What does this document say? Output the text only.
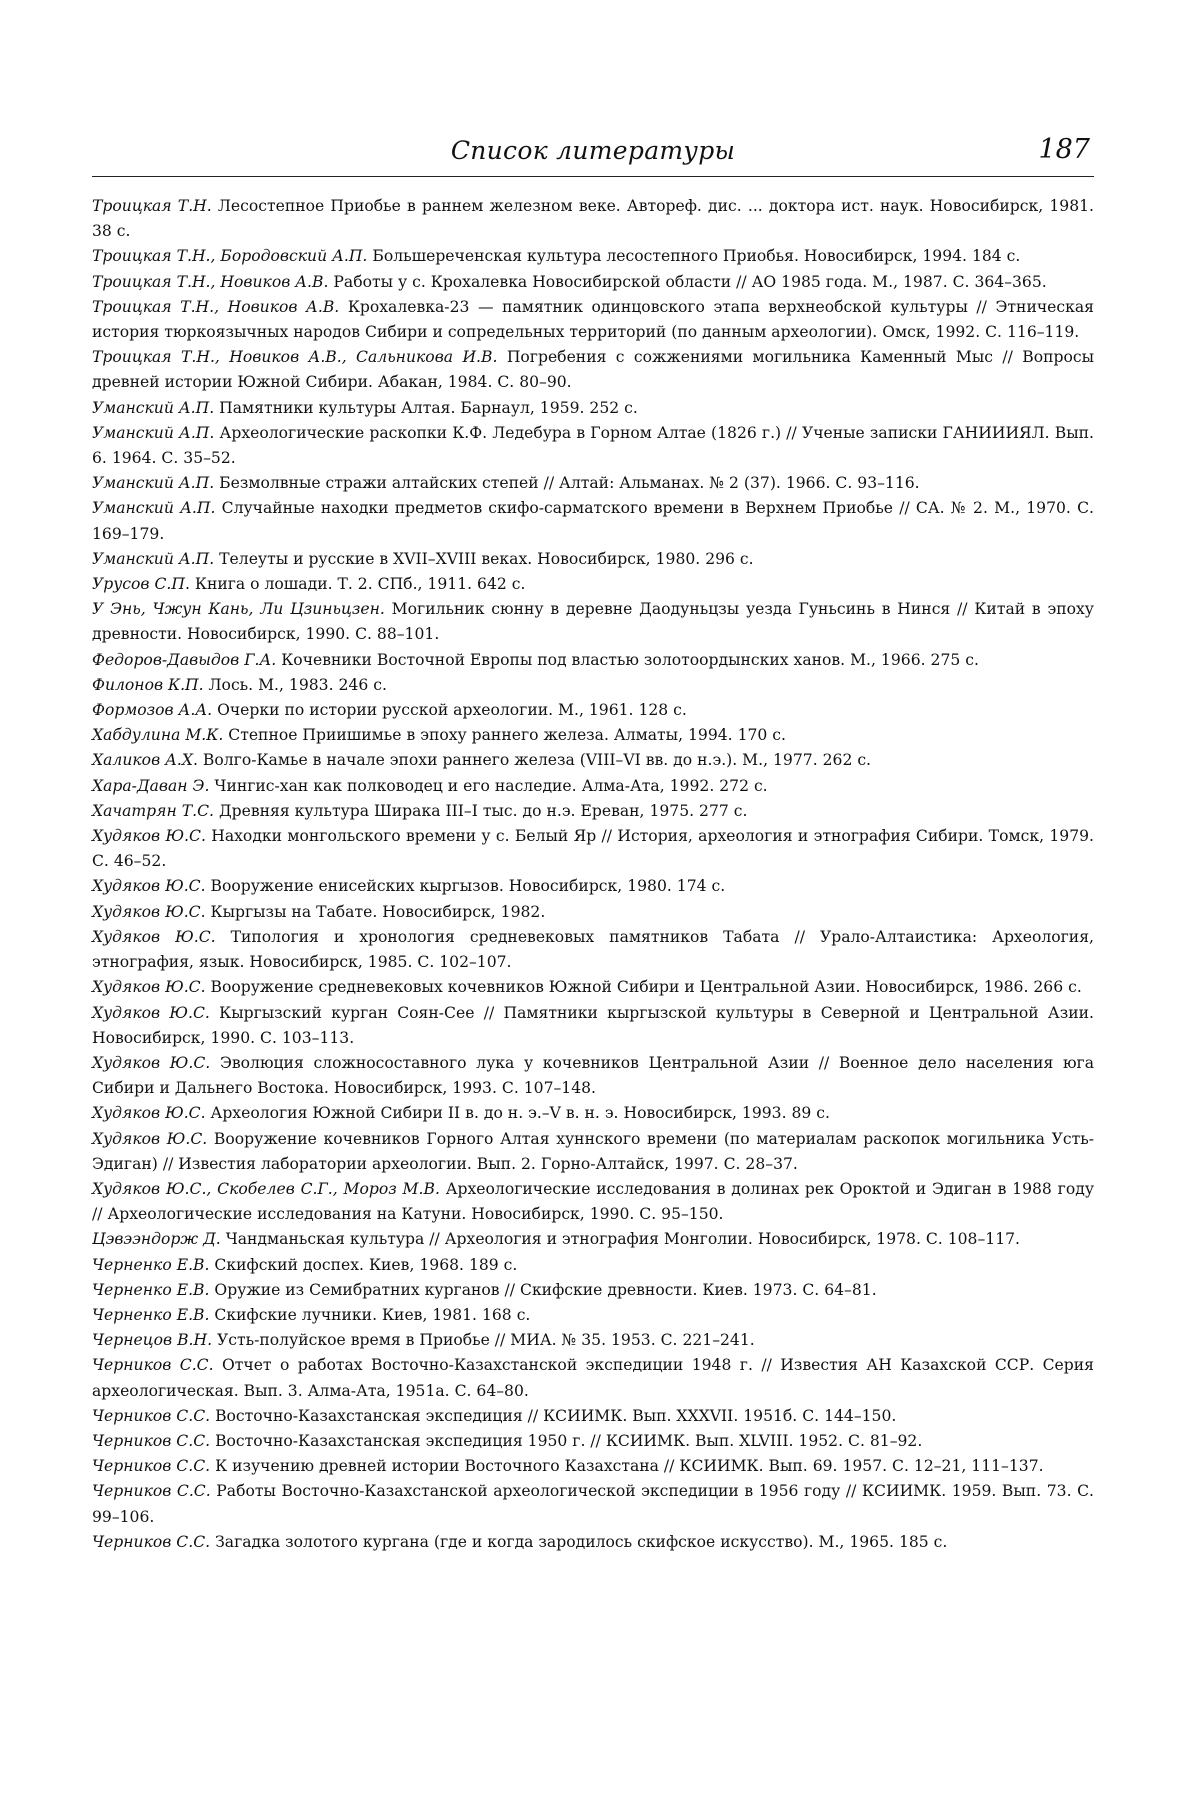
Список литературы	187

Троицкая Т.Н. Лесостепное Приобье в раннем железном веке. Автореф. дис. ... доктора ист. наук. Новосибирск, 1981. 38 с.

Троицкая Т.Н., Бородовский А.П. Большереченская культура лесостепного Приобья. Новосибирск, 1994. 184 с.

Троицкая Т.Н., Новиков А.В. Работы у с. Крохалевка Новосибирской области // АО 1985 года. М., 1987. С. 364–365.

Троицкая Т.Н., Новиков А.В. Крохалевка-23 — памятник одинцовского этапа верхнеобской культуры // Этническая история тюркоязычных народов Сибири и сопредельных территорий (по данным археологии). Омск, 1992. С. 116–119.

Троицкая Т.Н., Новиков А.В., Сальникова И.В. Погребения с сожжениями могильника Каменный Мыс // Вопросы древней истории Южной Сибири. Абакан, 1984. С. 80–90.

Уманский А.П. Памятники культуры Алтая. Барнаул, 1959. 252 с.

Уманский А.П. Археологические раскопки К.Ф. Ледебура в Горном Алтае (1826 г.) // Ученые записки ГАНИИИЯЛ. Вып. 6. 1964. С. 35–52.

Уманский А.П. Безмолвные стражи алтайских степей // Алтай: Альманах. № 2 (37). 1966. С. 93–116.

Уманский А.П. Случайные находки предметов скифо-сарматского времени в Верхнем Приобье // СА. № 2. М., 1970. С. 169–179.

Уманский А.П. Телеуты и русские в XVII–XVIII веках. Новосибирск, 1980. 296 с.

Урусов С.П. Книга о лошади. Т. 2. СПб., 1911. 642 с.

У Энь, Чжун Кань, Ли Цзиньцзен. Могильник сюнну в деревне Даодуньцзы уезда Гуньсинь в Нинся // Китай в эпоху древности. Новосибирск, 1990. С. 88–101.

Федоров-Давыдов Г.А. Кочевники Восточной Европы под властью золотоордынских ханов. М., 1966. 275 с.

Филонов К.П. Лось. М., 1983. 246 с.

Формозов А.А. Очерки по истории русской археологии. М., 1961. 128 с.

Хабдулина М.К. Степное Приишимье в эпоху раннего железа. Алматы, 1994. 170 с.

Халиков А.Х. Волго-Камье в начале эпохи раннего железа (VIII–VI вв. до н.э.). М., 1977. 262 с.

Хара-Даван Э. Чингис-хан как полководец и его наследие. Алма-Ата, 1992. 272 с.

Хачатрян Т.С. Древняя культура Ширака III–I тыс. до н.э. Ереван, 1975. 277 с.

Худяков Ю.С. Находки монгольского времени у с. Белый Яр // История, археология и этнография Сибири. Томск, 1979. С. 46–52.

Худяков Ю.С. Вооружение енисейских кыргызов. Новосибирск, 1980. 174 с.

Худяков Ю.С. Кыргызы на Табате. Новосибирск, 1982.

Худяков Ю.С. Типология и хронология средневековых памятников Табата // Урало-Алтаистика: Археология, этнография, язык. Новосибирск, 1985. С. 102–107.

Худяков Ю.С. Вооружение средневековых кочевников Южной Сибири и Центральной Азии. Новосибирск, 1986. 266 с.

Худяков Ю.С. Кыргызский курган Соян-Сее // Памятники кыргызской культуры в Северной и Центральной Азии. Новосибирск, 1990. С. 103–113.

Худяков Ю.С. Эволюция сложносоставного лука у кочевников Центральной Азии // Военное дело населения юга Сибири и Дальнего Востока. Новосибирск, 1993. С. 107–148.

Худяков Ю.С. Археология Южной Сибири II в. до н. э.–V в. н. э. Новосибирск, 1993. 89 с.

Худяков Ю.С. Вооружение кочевников Горного Алтая хуннского времени (по материалам раскопок могильника Усть-Эдиган) // Известия лаборатории археологии. Вып. 2. Горно-Алтайск, 1997. С. 28–37.

Худяков Ю.С., Скобелев С.Г., Мороз М.В. Археологические исследования в долинах рек Ороктой и Эдиган в 1988 году // Археологические исследования на Катуни. Новосибирск, 1990. С. 95–150.

Цэвээндорж Д. Чандманьская культура // Археология и этнография Монголии. Новосибирск, 1978. С. 108–117.

Черненко Е.В. Скифский доспех. Киев, 1968. 189 с.

Черненко Е.В. Оружие из Семибратних курганов // Скифские древности. Киев. 1973. С. 64–81.

Черненко Е.В. Скифские лучники. Киев, 1981. 168 с.

Чернецов В.Н. Усть-полуйское время в Приобье // МИА. № 35. 1953. С. 221–241.

Черников С.С. Отчет о работах Восточно-Казахстанской экспедиции 1948 г. // Известия АН Казахской ССР. Серия археологическая. Вып. 3. Алма-Ата, 1951а. С. 64–80.

Черников С.С. Восточно-Казахстанская экспедиция // КСИИМК. Вып. XXXVII. 1951б. С. 144–150.

Черников С.С. Восточно-Казахстанская экспедиция 1950 г. // КСИИМК. Вып. XLVIII. 1952. С. 81–92.

Черников С.С. К изучению древней истории Восточного Казахстана // КСИИМК. Вып. 69. 1957. С. 12–21, 111–137.

Черников С.С. Работы Восточно-Казахстанской археологической экспедиции в 1956 году // КСИИМК. 1959. Вып. 73. С. 99–106.

Черников С.С. Загадка золотого кургана (где и когда зародилось скифское искусство). М., 1965. 185 с.
